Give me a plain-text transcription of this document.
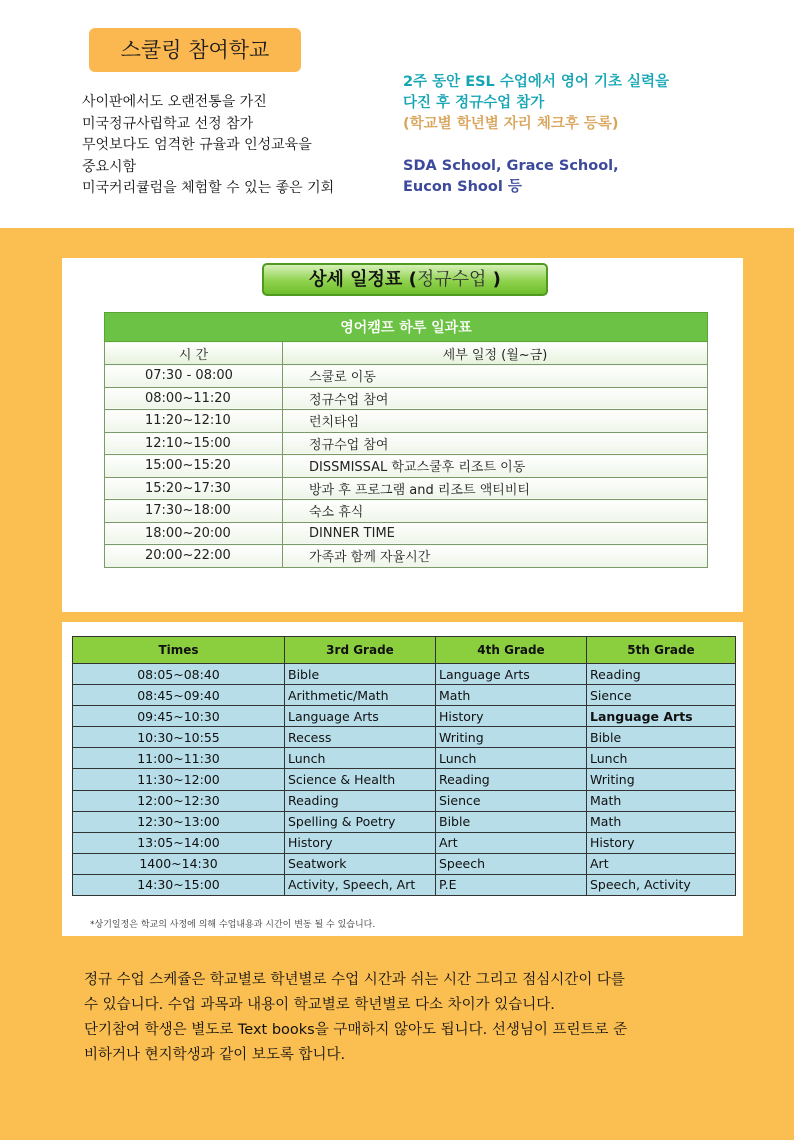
스쿨링 참여학교
사이판에서도 오랜전통을 가진
미국정규사립학교 선정 참가
무엇보다도 엄격한 규율과 인성교육을
중요시함
미국커리큘럼을 체험할 수 있는 좋은 기회
2주 동안 ESL 수업에서 영어 기초 실력을
다진 후 정규수업 참가
(학교별 학년별 자리 체크후 등록)
SDA School, Grace School,
Eucon Shool 등
상세 일정표 (정규수업 )
영어캠프 하루 일과표	
시 간	세부 일정 (월~금)
07:30 - 08:00	스쿨로 이동
08:00~11:20	정규수업 참여
11:20~12:10	런치타임
12:10~15:00	정규수업 참여
15:00~15:20	DISSMISSAL 학교스쿨후 리조트 이동
15:20~17:30	방과 후 프로그램 and 리조트 액티비티
17:30~18:00	숙소 휴식
18:00~20:00	DINNER TIME
20:00~22:00	가족과 함께 자율시간
Times	3rd Grade	4th Grade	5th Grade
08:05~08:40	Bible	Language Arts	Reading
08:45~09:40	Arithmetic/Math	Math	Sience
09:45~10:30	Language Arts	History	Language Arts
10:30~10:55	Recess	Writing	Bible
11:00~11:30	Lunch	Lunch	Lunch
11:30~12:00	Science & Health	Reading	Writing
12:00~12:30	Reading	Sience	Math
12:30~13:00	Spelling & Poetry	Bible	Math
13:05~14:00	History	Art	History
1400~14:30	Seatwork	Speech	Art
14:30~15:00	Activity, Speech, Art	P.E	Speech, Activity
*상기일정은 학교의 사정에 의해 수업내용과 시간이 변동 될 수 있습니다.
정규 수업 스케쥴은 학교별로 학년별로 수업 시간과 쉬는 시간 그리고 점심시간이 다를
수 있습니다. 수업 과목과 내용이 학교별로 학년별로 다소 차이가 있습니다.
단기참여 학생은 별도로 Text books을 구매하지 않아도 됩니다. 선생님이 프린트로 준
비하거나 현지학생과 같이 보도록 합니다.
